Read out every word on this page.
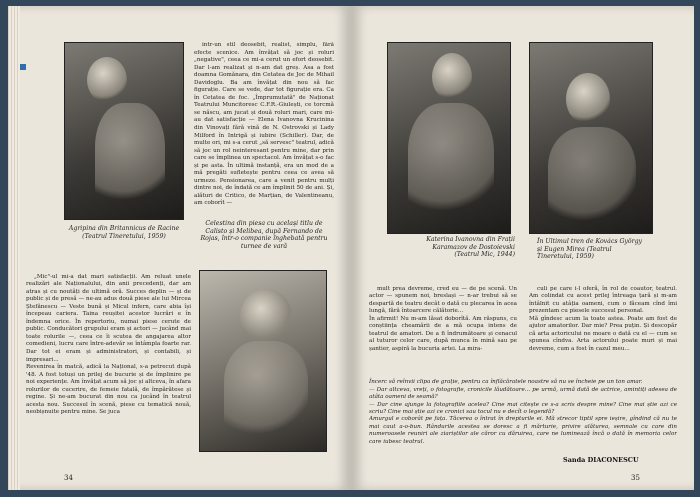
Agripina din Britannicus de Racine (Teatrul Tineretului, 1959)

într-un stil deosebit, realist, simplu, fără efecte scenice. Am învățat să joc și roluri „negative", ceea ce mi-a cerut un efort deosebit. Dar l-am realizat și n-am dat greș. Asa a fost doamna Gomănara, din Cetatea de Joc de Mihail Davidoglu. Ba am învățat din nou să fac figurație. Care se vede, dar tot figurație era. Ca în Cetatea de foc. „Împrumutată" de Naționat Teatrului Muncitoresc C.F.R.-Giulești, ce torcmă se născu, am jucat și două roluri mari, care mi-au dat satisfacție — Elena Ivanovna Krucinina din Vinovați fără vină de N. Ostrovski și Lady Milford în Intrigă și iubire (Schiller). Dar, de multe ori, mi s-a cerut „să servesc" teatrul, adică să joc un rol neinteresant pentru mine, dar prin care se împlinea un spectacol. Am învățat s-o fac și pe asta. În ultimă instanță, era un mod de a mă pregăti sufletește pentru ceea ce avea să urmeze. Pensionarea, care a venit pentru mulți dintre noi, de îndată ce am împlinit 50 de ani. Și, alături de Critico, de Marțian, de Valentineanu, am coborît —

Celestina din piesa cu același titlu de Calisto și Melibea, după Fernando de Rojas, într-o companie înghebată pentru turnee de vară

„Mic"-ul mi-a dat mari satisfacții. Am reluat unele realizări ale Naționalului, din anii precedenți, dar am atras și cu noutăți de ultimă oră. Succes deplin — și de public și de presă — ne-au adus două piese ale lui Mircea Ștefănescu — Veste bună și Micul infern, care abia își începeau cariera. Taina reușitei acestor lucrări e în îndemna orice. În repertoriu, numai piese cerute de public. Conducători grupului eram și actori — jucând mai toate rolurile —, ceea ce îi scutea de angajarea altor comedieni, lucru care între-adevăr se întâmpla foarte rar. Dar tot ei eram și administratori, și contabili, și impresari...
Revenirea în matcă, adică la Național, s-a petrecut după '48. A fost totuși un prilej de bucurie și de împlinire pe noi experiențe. Am învățat acum să joc și altceva, în afara rolurilor de cucerire, de femeie fatală, de împărătese și regine. Și ne-am bucurat din nou ca jucând în teatrul acesta nou. Succesul în scenă, piese cu tematică nouă, neobișnuite pentru mine. Se juca

34
Katerina Ivanovna din Frații Karamazov de Dostoievski (Teatrul Mic, 1944)
În Ultimul tren de Kovács György și Eugen Mirea (Teatrul Tineretului, 1959)

mult prea devreme, cred eu — de pe scenă. Un actor — spunem noi, breslași — n-ar trebui să se despartă de teatru decât o dată cu plecarea în acea lungă, fără întoarcere călătorie...
În afirmit! Nu m-am lăsat doborîtă. Am răspuns, cu conștiința cheamării de a mă ocupa intens de teatrul de amatori. De a fi îndrumătoare și cenacul al tuturor celor care, după munca în mină sau pe șantier, aspiră la bucuria artei. La mira-

culi pe care i-l oferă, în rol de coautor, teatrul. Am colindat cu acest prilej întreaga țară și m-am întâlnit cu atâția oameni, cum o făceam cînd îmi prezentam cu piesele succesul personal.
Mă gîndesc acum la toate astea. Poate am fost de ajutor amatorilor. Dar mie? Prea puțin. Și descopăr că arta actoricului ne moare o dată cu el — cum se spunea cîndva. Arta actorului poate muri și mai devreme, cum a fost în cazul meu...

Încerc să reînvii clipa de grație, pentru ca înflăcăratele noastre să nu se încheie pe un ton amar.
— Dar altceva, vreți, o fotografie, cronicile lăudătoare... pe urmă, urmă dată de actrice, amintiți adesea de atâta oameni de seamă?
— Dar cine ajunge la fotografiile acelea? Cine mai citește ce s-a scris despre mine? Cine mai știe azi ce scriu? Cine mai știe azi ce cronici sau tocul nu e decît o legendă?
Amurgul e coborât pe fața. Tăcerea o întrat în drepturile ei. Mă strecor tiptil spre ieșire, gîndind că nu te mai caut a-o-bun. Rândurile acestea se doresc a fi mărturie, privire alăturea, semnale cu care din numeroasele reuniri ale ziariștilor ale căror cu dăruirea, care ne luminează încă o dată în memoria celor care iubesc teatrul.

Sanda DIACONESCU
35
